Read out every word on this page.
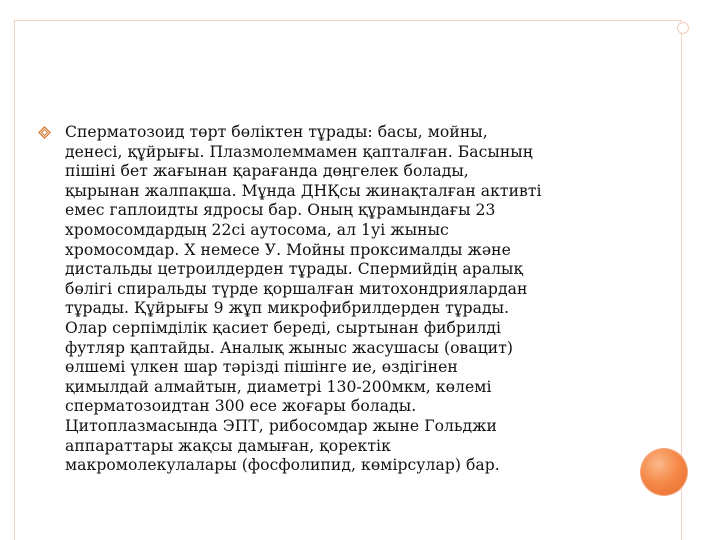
Сперматозоид төрт бөліктен тұрады: басы, мойны,
денесі, құйрығы. Плазмолеммамен қапталған. Басының
пішіні бет жағынан қарағанда дөңгелек болады,
қырынан жалпақша. Мұнда ДНҚсы жинақталған активті
емес гаплоидты ядросы бар. Оның құрамындағы 23
хромосомдардың 22сі аутосома, ал 1уі жыныс
хромосомдар. Х немесе У. Мойны проксималды және
дистальды цетроилдерден тұрады. Спермийдің аралық
бөлігі спиральды түрде қоршалған митохондриялардан
тұрады. Құйрығы 9 жұп микрофибрилдерден тұрады.
Олар серпімділік қасиет береді, сыртынан фибрилді
футляр қаптайды. Аналық жыныс жасушасы (овацит)
өлшемі үлкен шар тәрізді пішінге ие, өздігінен
қимылдай алмайтын, диаметрі 130-200мкм, көлемі
сперматозоидтан 300 есе жоғары болады.
Цитоплазмасында ЭПТ, рибосомдар жыне Гольджи
аппараттары жақсы дамыған, қоректік
макромолекулалары (фосфолипид, көмірсулар) бар.
